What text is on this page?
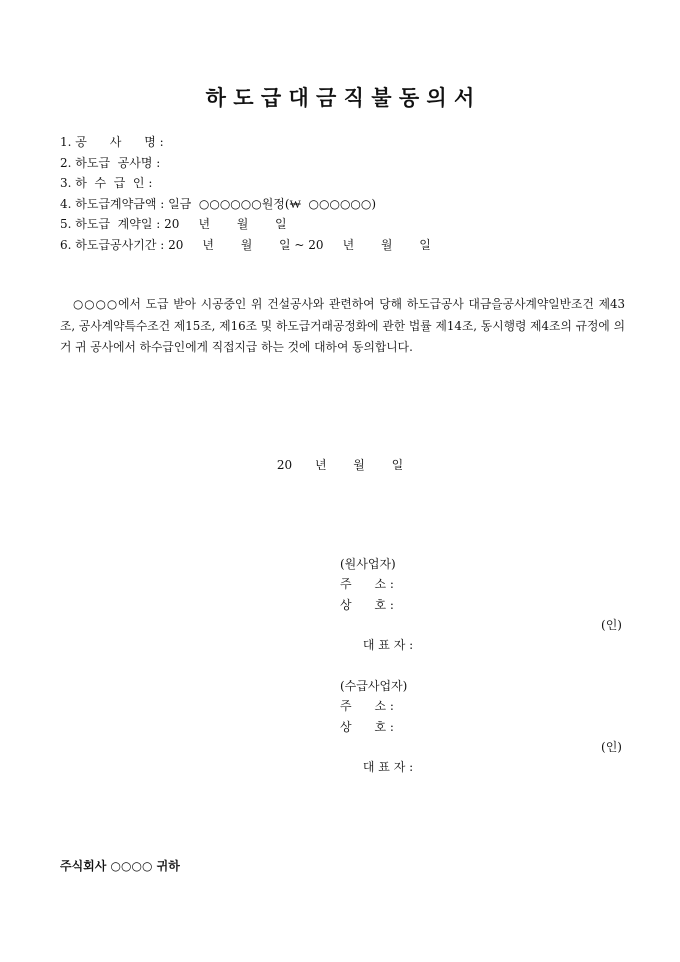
하 도 급 대 금 직 불 동 의 서
1. 공      사      명 :
2. 하도급  공사명 :
3. 하  수  급  인 :
4. 하도급계약금액 : 일금  ○○○○○○원정(₩  ○○○○○○)
5. 하도급  계약일 : 20     년       월       일
6. 하도급공사기간 : 20     년       월       일 ~ 20     년       월       일
○○○○에서 도급 받아 시공중인 위 건설공사와 관련하여 당해 하도급공사 대금을공사계약일반조건 제43조, 공사계약특수조건 제15조, 제16조 및 하도급거래공정화에 관한 법률 제14조, 동시행령 제4조의 규정에 의거 귀 공사에서 하수급인에게 직접지급 하는 것에 대하여 동의합니다.
20      년       월       일
(원사업자)
주      소 :
상      호 :

대 표 자 :

(인)

(수급사업자)
주      소 :
상      호 :

대 표 자 :

(인)

주식회사 ○○○○ 귀하
